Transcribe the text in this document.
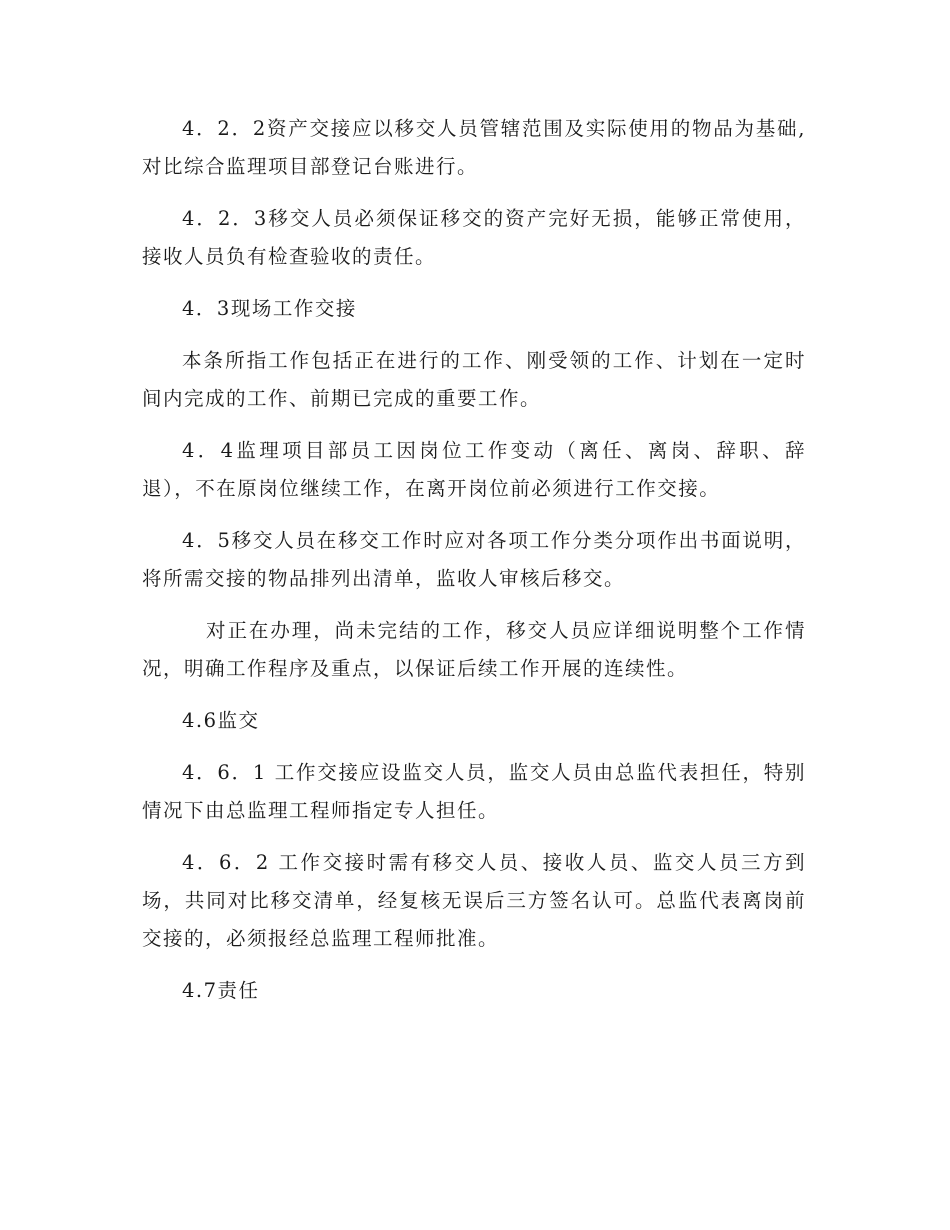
4．2．2资产交接应以移交人员管辖范围及实际使用的物品为基础,对比综合监理项目部登记台账进行。

4．2．3移交人员必须保证移交的资产完好无损，能够正常使用，接收人员负有检查验收的责任。

4．3现场工作交接

本条所指工作包括正在进行的工作、刚受领的工作、计划在一定时间内完成的工作、前期已完成的重要工作。

4．4监理项目部员工因岗位工作变动（离任、离岗、辞职、辞退），不在原岗位继续工作，在离开岗位前必须进行工作交接。

4．5移交人员在移交工作时应对各项工作分类分项作出书面说明，将所需交接的物品排列出清单，监收人审核后移交。

对正在办理，尚未完结的工作，移交人员应详细说明整个工作情况，明确工作程序及重点，以保证后续工作开展的连续性。

4.6监交

4．6．1 工作交接应设监交人员，监交人员由总监代表担任，特别情况下由总监理工程师指定专人担任。

4．6．2 工作交接时需有移交人员、接收人员、监交人员三方到场，共同对比移交清单，经复核无误后三方签名认可。总监代表离岗前交接的，必须报经总监理工程师批准。

4.7责任
